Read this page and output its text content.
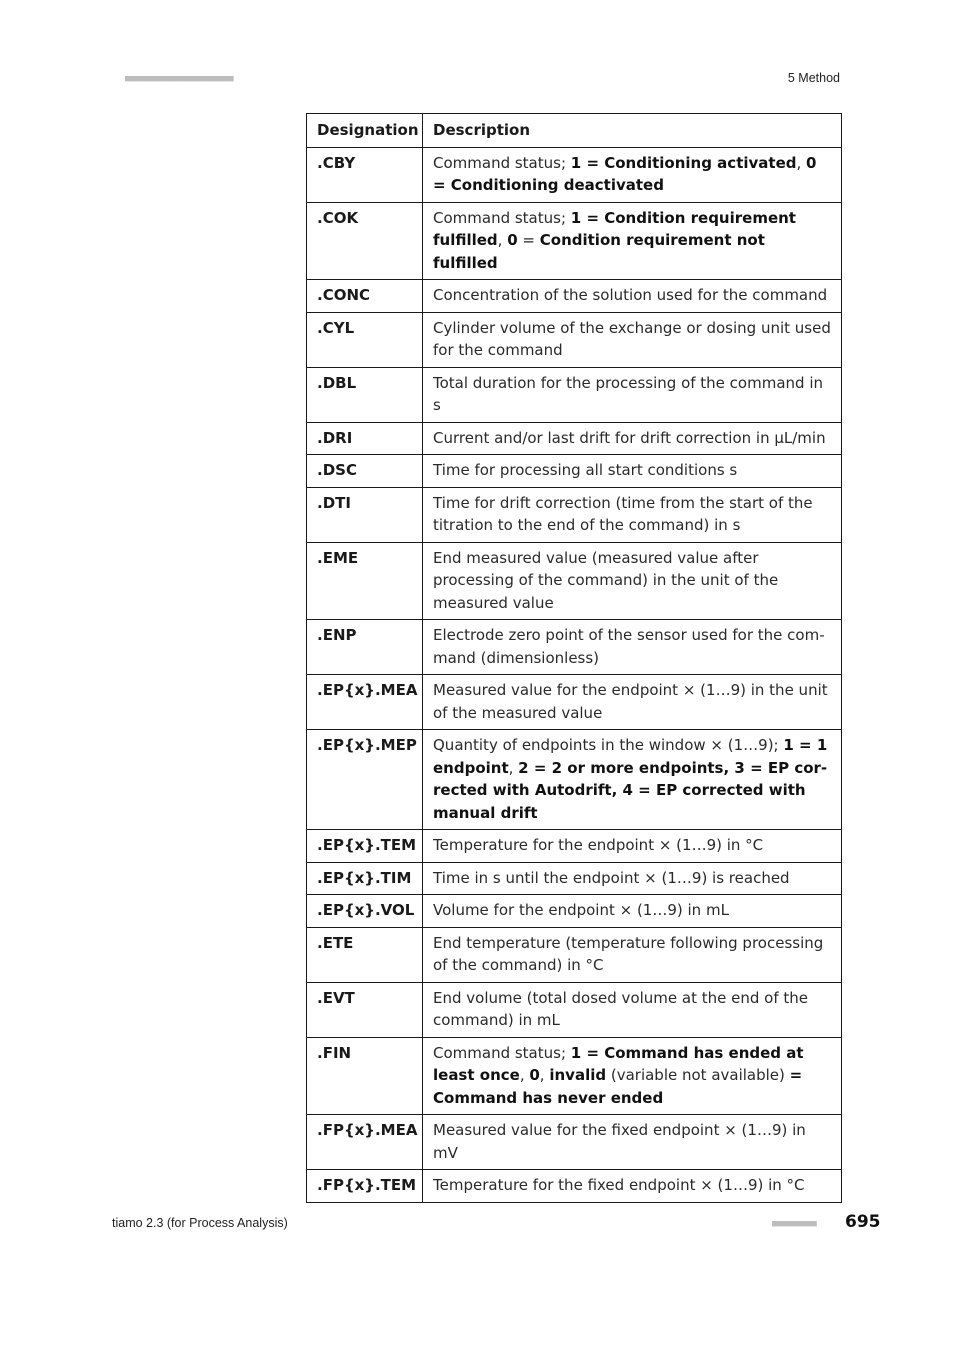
■■■■■■■■■■■■■■■■■■■■■■	5 Method
Designation	Description
.CBY	Command status; 1 = Conditioning activated, 0 = Conditioning deactivated
.COK	Command status; 1 = Condition requirement fulfilled, 0 = Condition requirement not fulfilled
.CONC	Concentration of the solution used for the command
.CYL	Cylinder volume of the exchange or dosing unit used for the command
.DBL	Total duration for the processing of the command in s
.DRI	Current and/or last drift for drift correction in µL/min
.DSC	Time for processing all start conditions s
.DTI	Time for drift correction (time from the start of the titration to the end of the command) in s
.EME	End measured value (measured value after processing of the command) in the unit of the measured value
.ENP	Electrode zero point of the sensor used for the command (dimensionless)
.EP{x}.MEA	Measured value for the endpoint × (1…9) in the unit of the measured value
.EP{x}.MEP	Quantity of endpoints in the window × (1…9); 1 = 1 endpoint, 2 = 2 or more endpoints, 3 = EP corrected with Autodrift, 4 = EP corrected with manual drift
.EP{x}.TEM	Temperature for the endpoint × (1…9) in °C
.EP{x}.TIM	Time in s until the endpoint × (1…9) is reached
.EP{x}.VOL	Volume for the endpoint × (1…9) in mL
.ETE	End temperature (temperature following processing of the command) in °C
.EVT	End volume (total dosed volume at the end of the command) in mL
.FIN	Command status; 1 = Command has ended at least once, 0, invalid (variable not available) = Command has never ended
.FP{x}.MEA	Measured value for the fixed endpoint × (1…9) in mV
.FP{x}.TEM	Temperature for the fixed endpoint × (1…9) in °C
tiamo 2.3 (for Process Analysis)	■■■■■■■■■ 695
